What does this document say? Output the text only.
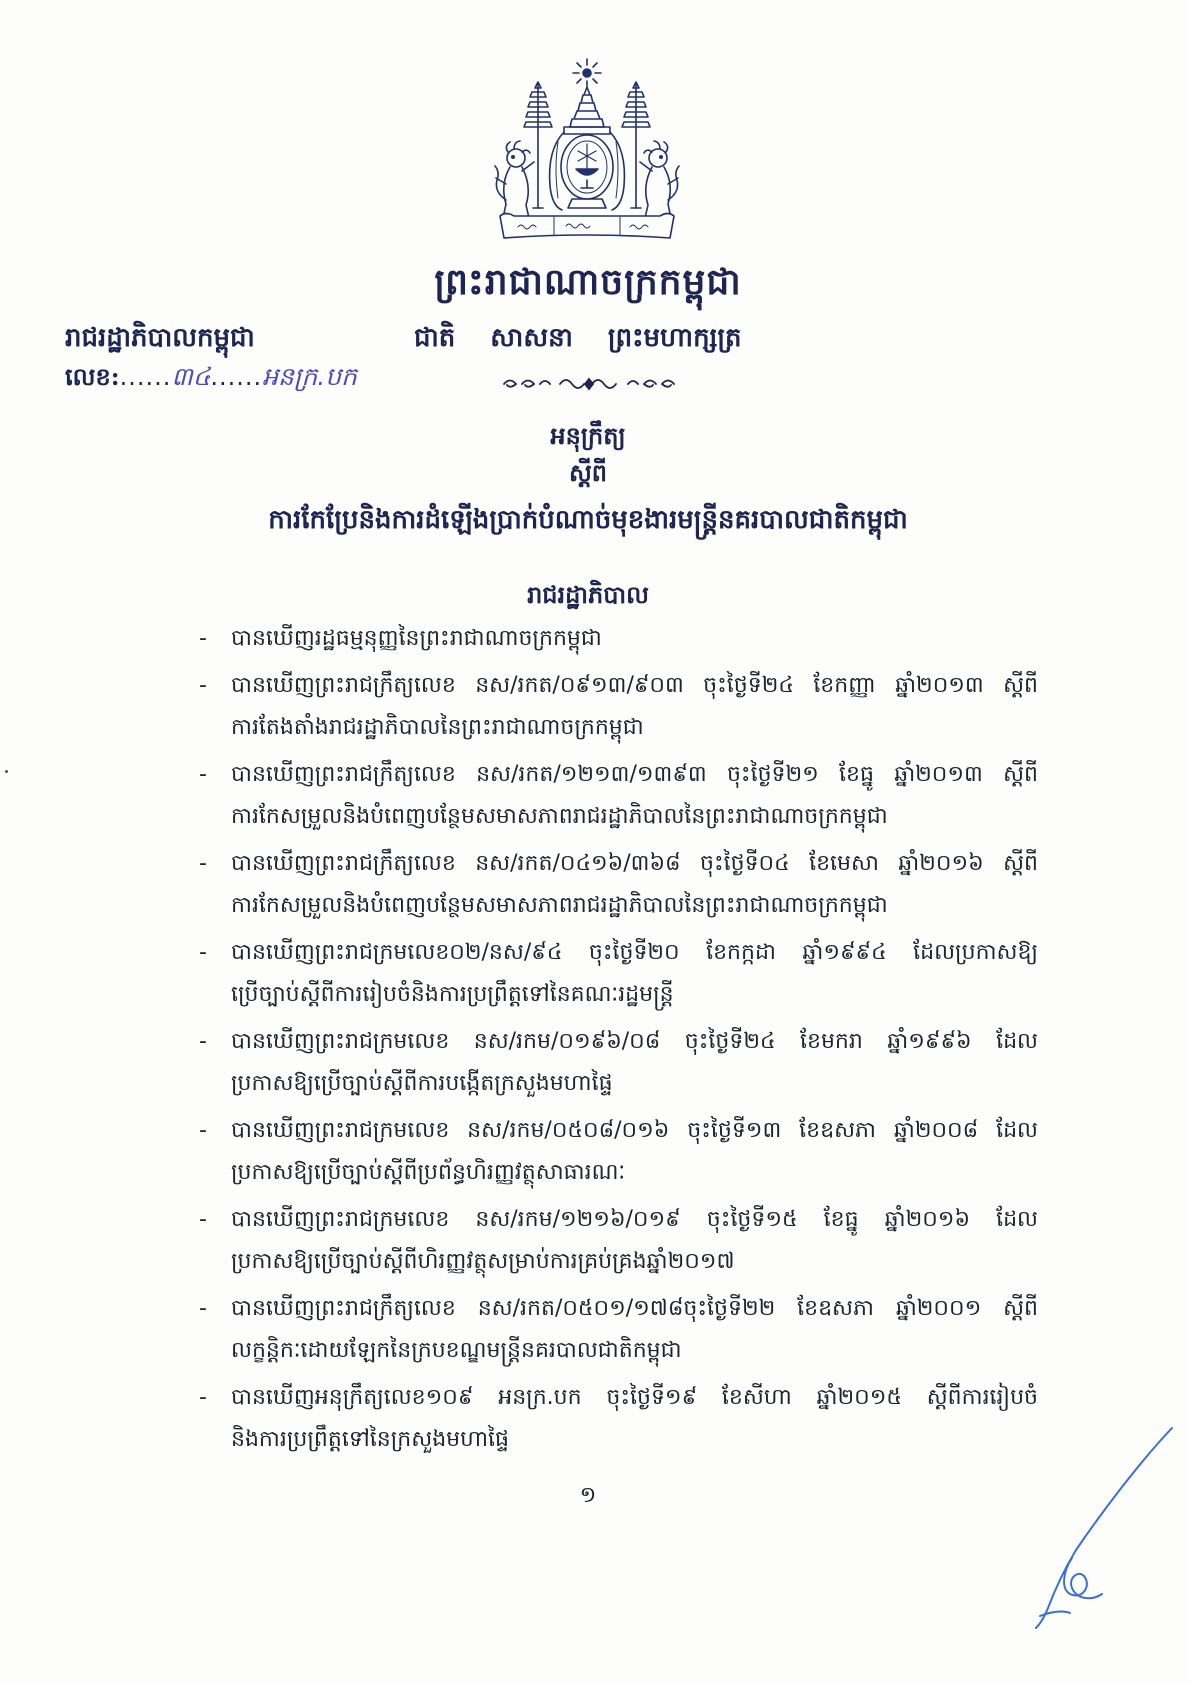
ព្រះរាជាណាចក្រកម្ពុជា
រាជរដ្ឋាភិបាលកម្ពុជា	ជាតិ សាសនា ព្រះមហាក្សត្រ
លេខ:......៣៤......អនក្រ.បក
អនុក្រឹត្យ
ស្តីពី
ការកែប្រែនិងការដំឡើងប្រាក់បំណាច់មុខងារមន្ត្រីនគរបាលជាតិកម្ពុជា
រាជរដ្ឋាភិបាល
-	បានឃើញរដ្ឋធម្មនុញ្ញនៃព្រះរាជាណាចក្រកម្ពុជា
-	បានឃើញព្រះរាជក្រឹត្យលេខ នស/រកត/០៩១៣/៩០៣ ចុះថ្ងៃទី២៤ ខែកញ្ញា ឆ្នាំ២០១៣ ស្តីពី
ការតែងតាំងរាជរដ្ឋាភិបាលនៃព្រះរាជាណាចក្រកម្ពុជា
-	បានឃើញព្រះរាជក្រឹត្យលេខ នស/រកត/១២១៣/១៣៩៣ ចុះថ្ងៃទី២១ ខែធ្នូ ឆ្នាំ២០១៣ ស្តីពី
ការកែសម្រួលនិងបំពេញបន្ថែមសមាសភាពរាជរដ្ឋាភិបាលនៃព្រះរាជាណាចក្រកម្ពុជា
-	បានឃើញព្រះរាជក្រឹត្យលេខ នស/រកត/០៤១៦/៣៦៨ ចុះថ្ងៃទី០៤ ខែមេសា ឆ្នាំ២០១៦ ស្តីពី
ការកែសម្រួលនិងបំពេញបន្ថែមសមាសភាពរាជរដ្ឋាភិបាលនៃព្រះរាជាណាចក្រកម្ពុជា
-	បានឃើញព្រះរាជក្រមលេខ០២/នស/៩៤ ចុះថ្ងៃទី២០ ខែកក្កដា ឆ្នាំ១៩៩៤ ដែលប្រកាសឱ្យ
ប្រើច្បាប់ស្តីពីការរៀបចំនិងការប្រព្រឹត្តទៅនៃគណៈរដ្ឋមន្ត្រី
-	បានឃើញព្រះរាជក្រមលេខ នស/រកម/០១៩៦/០៨ ចុះថ្ងៃទី២៤ ខែមករា ឆ្នាំ១៩៩៦ ដែល
ប្រកាសឱ្យប្រើច្បាប់ស្តីពីការបង្កើតក្រសួងមហាផ្ទៃ
-	បានឃើញព្រះរាជក្រមលេខ នស/រកម/០៥០៨/០១៦ ចុះថ្ងៃទី១៣ ខែឧសភា ឆ្នាំ២០០៨ ដែល
ប្រកាសឱ្យប្រើច្បាប់ស្តីពីប្រព័ន្ធហិរញ្ញវត្ថុសាធារណៈ
-	បានឃើញព្រះរាជក្រមលេខ នស/រកម/១២១៦/០១៩ ចុះថ្ងៃទី១៥ ខែធ្នូ ឆ្នាំ២០១៦ ដែល
ប្រកាសឱ្យប្រើច្បាប់ស្តីពីហិរញ្ញវត្ថុសម្រាប់ការគ្រប់គ្រងឆ្នាំ២០១៧
-	បានឃើញព្រះរាជក្រឹត្យលេខ នស/រកត/០៥០១/១៧៨ចុះថ្ងៃទី២២ ខែឧសភា ឆ្នាំ២០០១ ស្តីពី
លក្ខន្តិកៈដោយឡែកនៃក្របខណ្ឌមន្ត្រីនគរបាលជាតិកម្ពុជា
-	បានឃើញអនុក្រឹត្យលេខ១០៩ អនក្រ.បក ចុះថ្ងៃទី១៩ ខែសីហា ឆ្នាំ២០១៥ ស្តីពីការរៀបចំ
និងការប្រព្រឹត្តទៅនៃក្រសួងមហាផ្ទៃ
១
